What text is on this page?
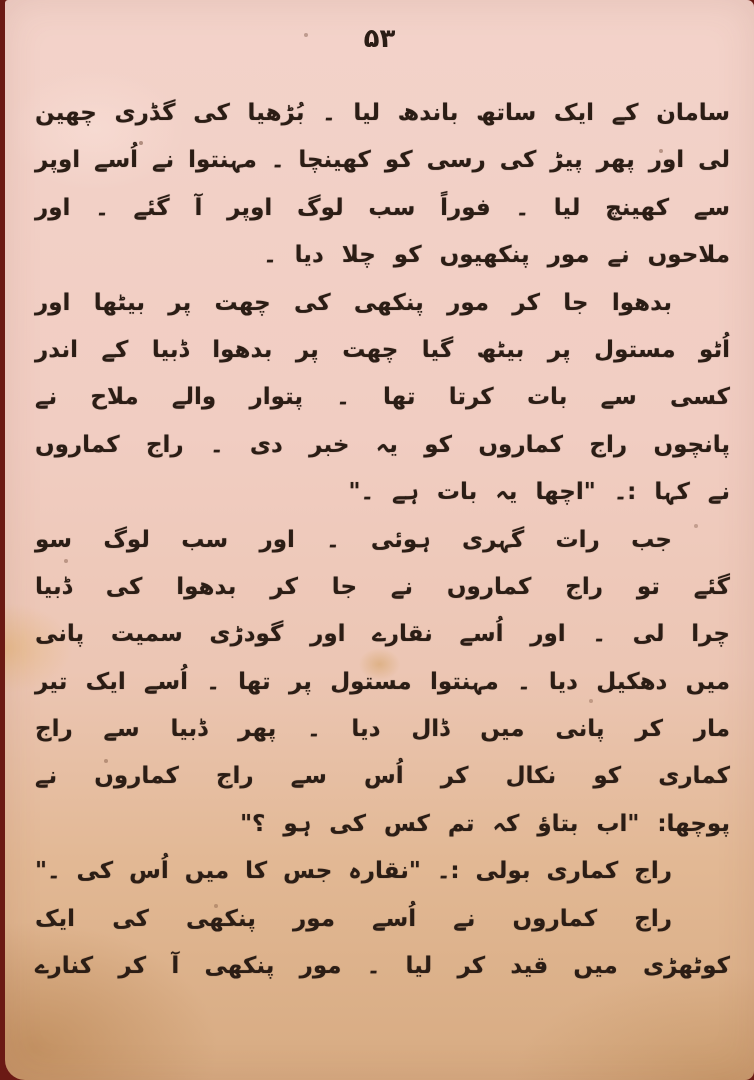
۵۳
سامان کے ایک ساتھ باندھ لیا ۔ بُڑھیا کی گڈری چھین
لی اور پھر پیڑ کی رسی کو کھینچا ۔ مہنتوا نے اُسے اوپر
سے کھینچ لیا ۔ فوراً سب لوگ اوپر آ گئے ۔ اور
ملاحوں نے مور پنکھیوں کو چلا دیا ۔
بدھوا جا کر مور پنکھی کی چھت پر بیٹھا اور
اُٹو مستول پر بیٹھ گیا چھت پر بدھوا ڈبیا کے اندر
کسی سے بات کرتا تھا ۔ پتوار والے ملاح نے
پانچوں راج کماروں کو یہ خبر دی ۔ راج کماروں
نے کہا :۔ "اچھا یہ بات ہے ۔"
جب رات گہری ہوئی ۔ اور سب لوگ سو
گئے تو راج کماروں نے جا کر بدھوا کی ڈبیا
چرا لی ۔ اور اُسے نقارے اور گودڑی سمیت پانی
میں دھکیل دیا ۔ مہنتوا مستول پر تھا ۔ اُسے ایک تیر
مار کر پانی میں ڈال دیا ۔ پھر ڈبیا سے راج
کماری کو نکال کر اُس سے راج کماروں نے
پوچھا: "اب بتاؤ کہ تم کس کی ہو ؟"
راج کماری بولی :۔ "نقارہ جس کا میں اُس کی ۔"
راج کماروں نے اُسے مور پنکھی کی ایک
کوٹھڑی میں قید کر لیا ۔ مور پنکھی آ کر کنارے
